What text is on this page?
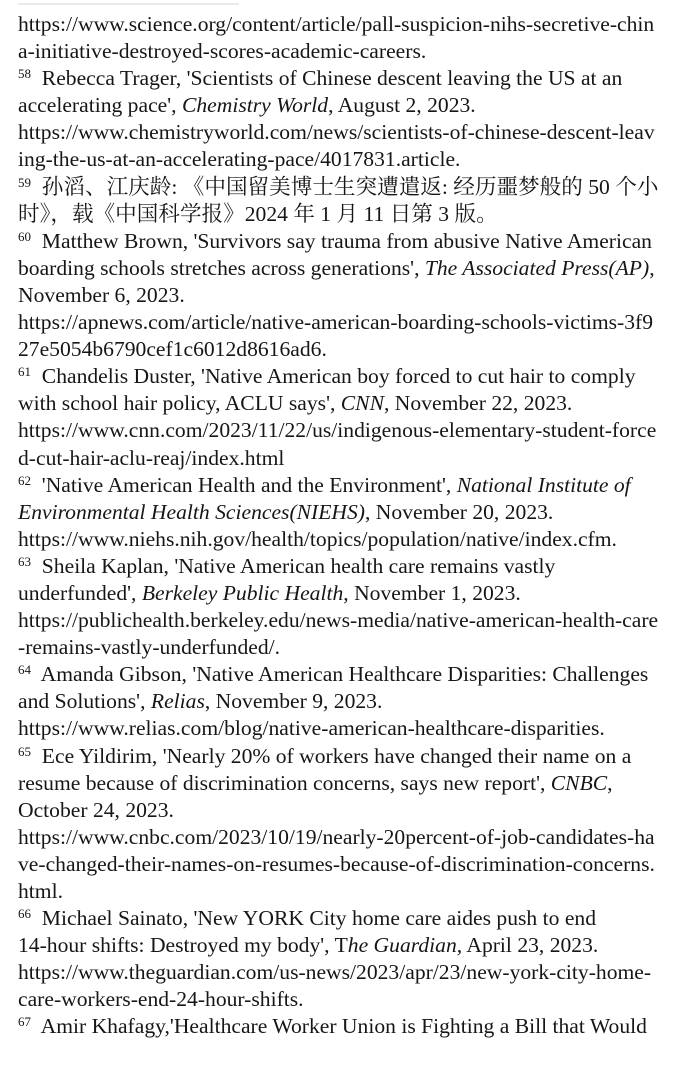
https://www.science.org/content/article/pall-suspicion-nihs-secretive-chin
a-initiative-destroyed-scores-academic-careers.
$^{58}$  Rebecca Trager, 'Scientists of Chinese descent leaving the US at an
accelerating pace', Chemistry World, August 2, 2023.
https://www.chemistryworld.com/news/scientists-of-chinese-descent-leav
ing-the-us-at-an-accelerating-pace/4017831.article.
$^{59}$  孙滔、江庆龄: 《中国留美博士生突遭遣返: 经历噩梦般的 50 个小
时》，载《中国科学报》2024 年 1 月 11 日第 3 版。
$^{60}$  Matthew Brown, 'Survivors say trauma from abusive Native American
boarding schools stretches across generations', The Associated Press(AP),
November 6, 2023.
https://apnews.com/article/native-american-boarding-schools-victims-3f9
27e5054b6790cef1c6012d8616ad6.
$^{61}$  Chandelis Duster, 'Native American boy forced to cut hair to comply
with school hair policy, ACLU says', CNN, November 22, 2023.
https://www.cnn.com/2023/11/22/us/indigenous-elementary-student-force
d-cut-hair-aclu-reaj/index.html
$^{62}$  'Native American Health and the Environment', National Institute of
Environmental Health Sciences(NIEHS), November 20, 2023.
https://www.niehs.nih.gov/health/topics/population/native/index.cfm.
$^{63}$  Sheila Kaplan, 'Native American health care remains vastly
underfunded', Berkeley Public Health, November 1, 2023.
https://publichealth.berkeley.edu/news-media/native-american-health-care
-remains-vastly-underfunded/.
$^{64}$  Amanda Gibson, 'Native American Healthcare Disparities: Challenges
and Solutions', Relias, November 9, 2023.
https://www.relias.com/blog/native-american-healthcare-disparities.
$^{65}$  Ece Yildirim, 'Nearly 20% of workers have changed their name on a
resume because of discrimination concerns, says new report', CNBC,
October 24, 2023.
https://www.cnbc.com/2023/10/19/nearly-20percent-of-job-candidates-ha
ve-changed-their-names-on-resumes-because-of-discrimination-concerns.
html.
$^{66}$  Michael Sainato, 'New YORK City home care aides push to end
14-hour shifts: Destroyed my body', The Guardian, April 23, 2023.
https://www.theguardian.com/us-news/2023/apr/23/new-york-city-home-
care-workers-end-24-hour-shifts.
$^{67}$  Amir Khafagy,'Healthcare Worker Union is Fighting a Bill that Would
